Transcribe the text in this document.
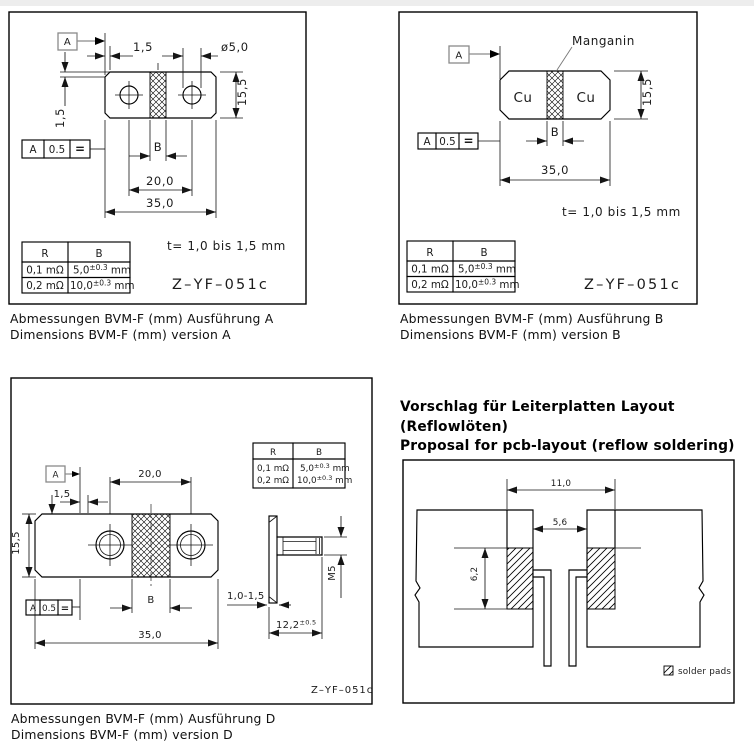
A	1,5	ø5,0
1,5
15,5
B
20,0
35,0
A 0.5 =
R	B
0,1 mΩ $5,0^{\pm 0.3}$ mm
0,2 mΩ $10,0^{\pm 0.3}$ mm
t= 1,0 bis 1,5 mm
Z–YF–051c
A
Manganin
Cu	Cu	15,5
B
A 0.5 =
35,0
t= 1,0 bis 1,5 mm
R	B
0,1 mΩ $5,0^{\pm 0.3}$ mm
0,2 mΩ $10,0^{\pm 0.3}$ mm	Z–YF–051c
R	B
0,1 mΩ $5,0^{\pm 0.3}$ mm
0,2 mΩ $10,0^{\pm 0.3}$ mm
A	20,0
1,5
15,5
B
A 0.5 =
35,0
M5
1,0-1,5
$12,2^{\pm 0.5}$
Z–YF–051c
11,0
5,6
6,2
solder pads
Abmessungen BVM-F (mm) Ausführung A
Dimensions BVM-F (mm) version A
Abmessungen BVM-F (mm) Ausführung B
Dimensions BVM-F (mm) version B
Abmessungen BVM-F (mm) Ausführung D
Dimensions BVM-F (mm) version D
Vorschlag für Leiterplatten Layout (Reflowlöten)
Proposal for pcb-layout (reflow soldering)
